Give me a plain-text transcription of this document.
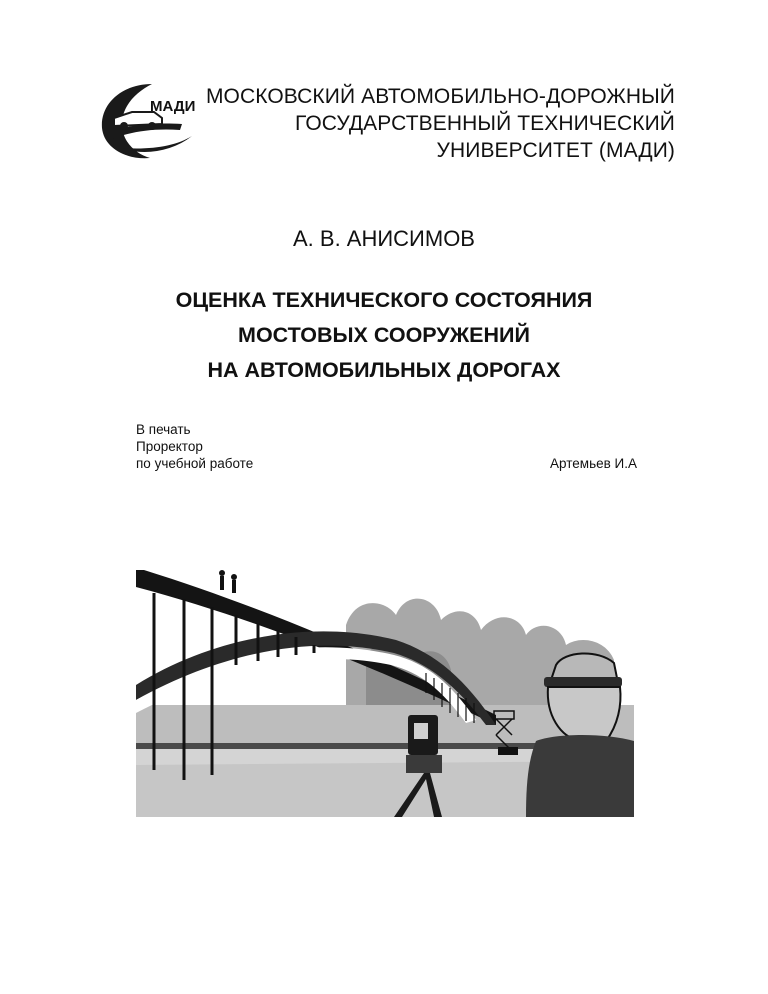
МАДИ МОСКОВСКИЙ АВТОМОБИЛЬНО-ДОРОЖНЫЙ
ГОСУДАРСТВЕННЫЙ ТЕХНИЧЕСКИЙ
УНИВЕРСИТЕТ (МАДИ)
А. В. АНИСИМОВ
ОЦЕНКА ТЕХНИЧЕСКОГО СОСТОЯНИЯ
МОСТОВЫХ СООРУЖЕНИЙ
НА АВТОМОБИЛЬНЫХ ДОРОГАХ
В печать
Проректор
по учебной работе	Артемьев И.А
